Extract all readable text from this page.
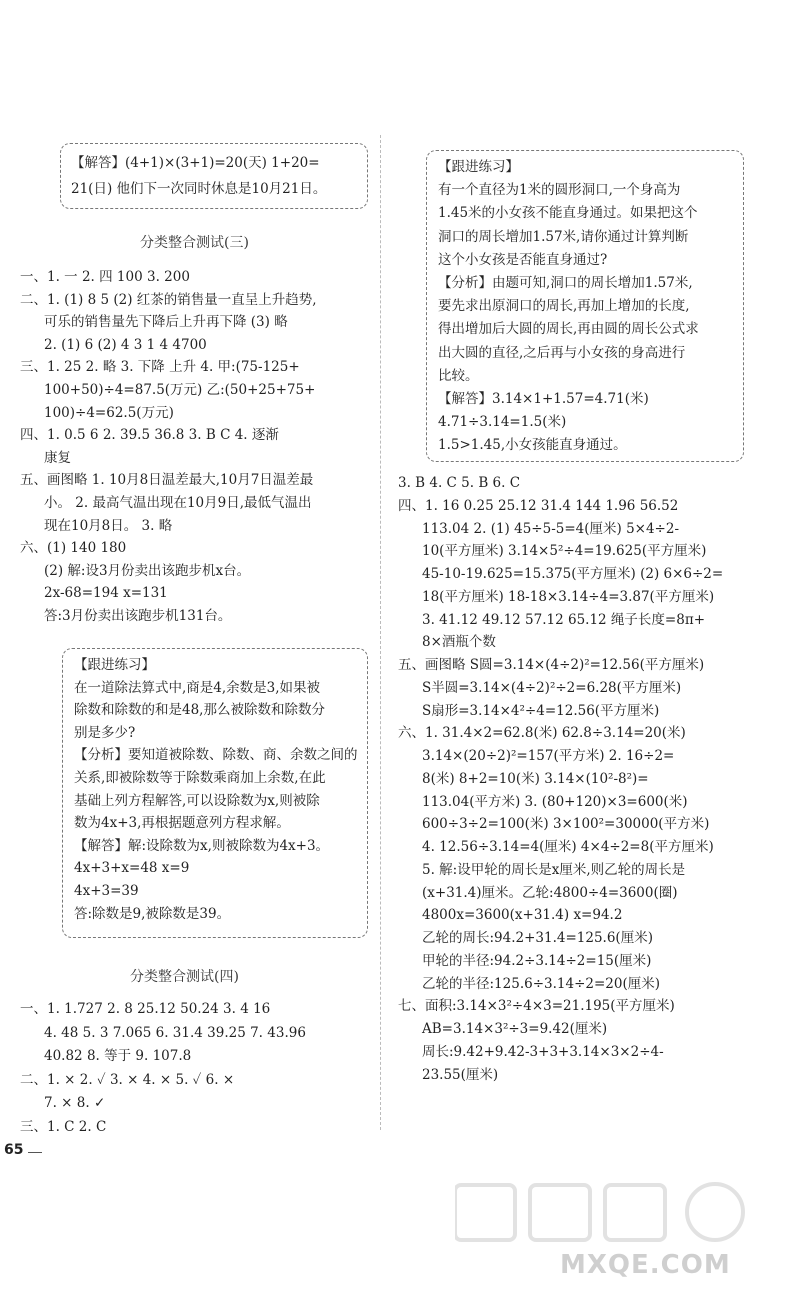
【解答】(4+1)×(3+1)=20(天) 1+20=
21(日) 他们下一次同时休息是10月21日。
分类整合测试(三)
一、1. 一 2. 四 100 3. 200
二、1. (1) 8 5 (2) 红茶的销售量一直呈上升趋势,
可乐的销售量先下降后上升再下降 (3) 略
2. (1) 6 (2) 4 3 1 4 4700
三、1. 25 2. 略 3. 下降 上升 4. 甲:(75-125+
100+50)÷4=87.5(万元) 乙:(50+25+75+
100)÷4=62.5(万元)
四、1. 0.5 6 2. 39.5 36.8 3. B C 4. 逐渐
康复
五、画图略 1. 10月8日温差最大,10月7日温差最
小。 2. 最高气温出现在10月9日,最低气温出
现在10月8日。 3. 略
六、(1) 140 180
(2) 解:设3月份卖出该跑步机x台。
2x-68=194 x=131
答:3月份卖出该跑步机131台。
【跟进练习】
在一道除法算式中,商是4,余数是3,如果被
除数和除数的和是48,那么被除数和除数分
别是多少?
【分析】要知道被除数、除数、商、余数之间的
关系,即被除数等于除数乘商加上余数,在此
基础上列方程解答,可以设除数为x,则被除
数为4x+3,再根据题意列方程求解。
【解答】解:设除数为x,则被除数为4x+3。
4x+3+x=48 x=9
4x+3=39
答:除数是9,被除数是39。
分类整合测试(四)
一、1. 1.727 2. 8 25.12 50.24 3. 4 16
4. 48 5. 3 7.065 6. 31.4 39.25 7. 43.96
40.82 8. 等于 9. 107.8
二、1. × 2. ✓ 3. × 4. × 5. ✓ 6. ×
7. × 8. ✓
三、1. C 2. C
【跟进练习】
有一个直径为1米的圆形洞口,一个身高为
1.45米的小女孩不能直身通过。如果把这个
洞口的周长增加1.57米,请你通过计算判断
这个小女孩是否能直身通过?
【分析】由题可知,洞口的周长增加1.57米,
要先求出原洞口的周长,再加上增加的长度,
得出增加后大圆的周长,再由圆的周长公式求
出大圆的直径,之后再与小女孩的身高进行
比较。
【解答】3.14×1+1.57=4.71(米)
4.71÷3.14=1.5(米)
1.5>1.45,小女孩能直身通过。
3. B 4. C 5. B 6. C
四、1. 16 0.25 25.12 31.4 144 1.96 56.52
113.04 2. (1) 45÷5-5=4(厘米) 5×4÷2-
10(平方厘米) 3.14×5²÷4=19.625(平方厘米)
45-10-19.625=15.375(平方厘米) (2) 6×6÷2=
18(平方厘米) 18-18×3.14÷4=3.87(平方厘米)
3. 41.12 49.12 57.12 65.12 绳子长度=8π+
8×酒瓶个数
五、画图略 S圆=3.14×(4÷2)²=12.56(平方厘米)
S半圆=3.14×(4÷2)²÷2=6.28(平方厘米)
S扇形=3.14×4²÷4=12.56(平方厘米)
六、1. 31.4×2=62.8(米) 62.8÷3.14=20(米)
3.14×(20÷2)²=157(平方米) 2. 16÷2=
8(米) 8+2=10(米) 3.14×(10²-8²)=
113.04(平方米) 3. (80+120)×3=600(米)
600÷3÷2=100(米) 3×100²=30000(平方米)
4. 12.56÷3.14=4(厘米) 4×4÷2=8(平方厘米)
5. 解:设甲轮的周长是x厘米,则乙轮的周长是
(x+31.4)厘米。乙轮:4800÷4=3600(圈)
4800x=3600(x+31.4) x=94.2
乙轮的周长:94.2+31.4=125.6(厘米)
甲轮的半径:94.2÷3.14÷2=15(厘米)
乙轮的半径:125.6÷3.14÷2=20(厘米)
七、面积:3.14×3²÷4×3=21.195(平方厘米)
AB=3.14×3²÷3=9.42(厘米)
周长:9.42+9.42-3+3+3.14×3×2÷4-
23.55(厘米)
65
MXQE.COM
